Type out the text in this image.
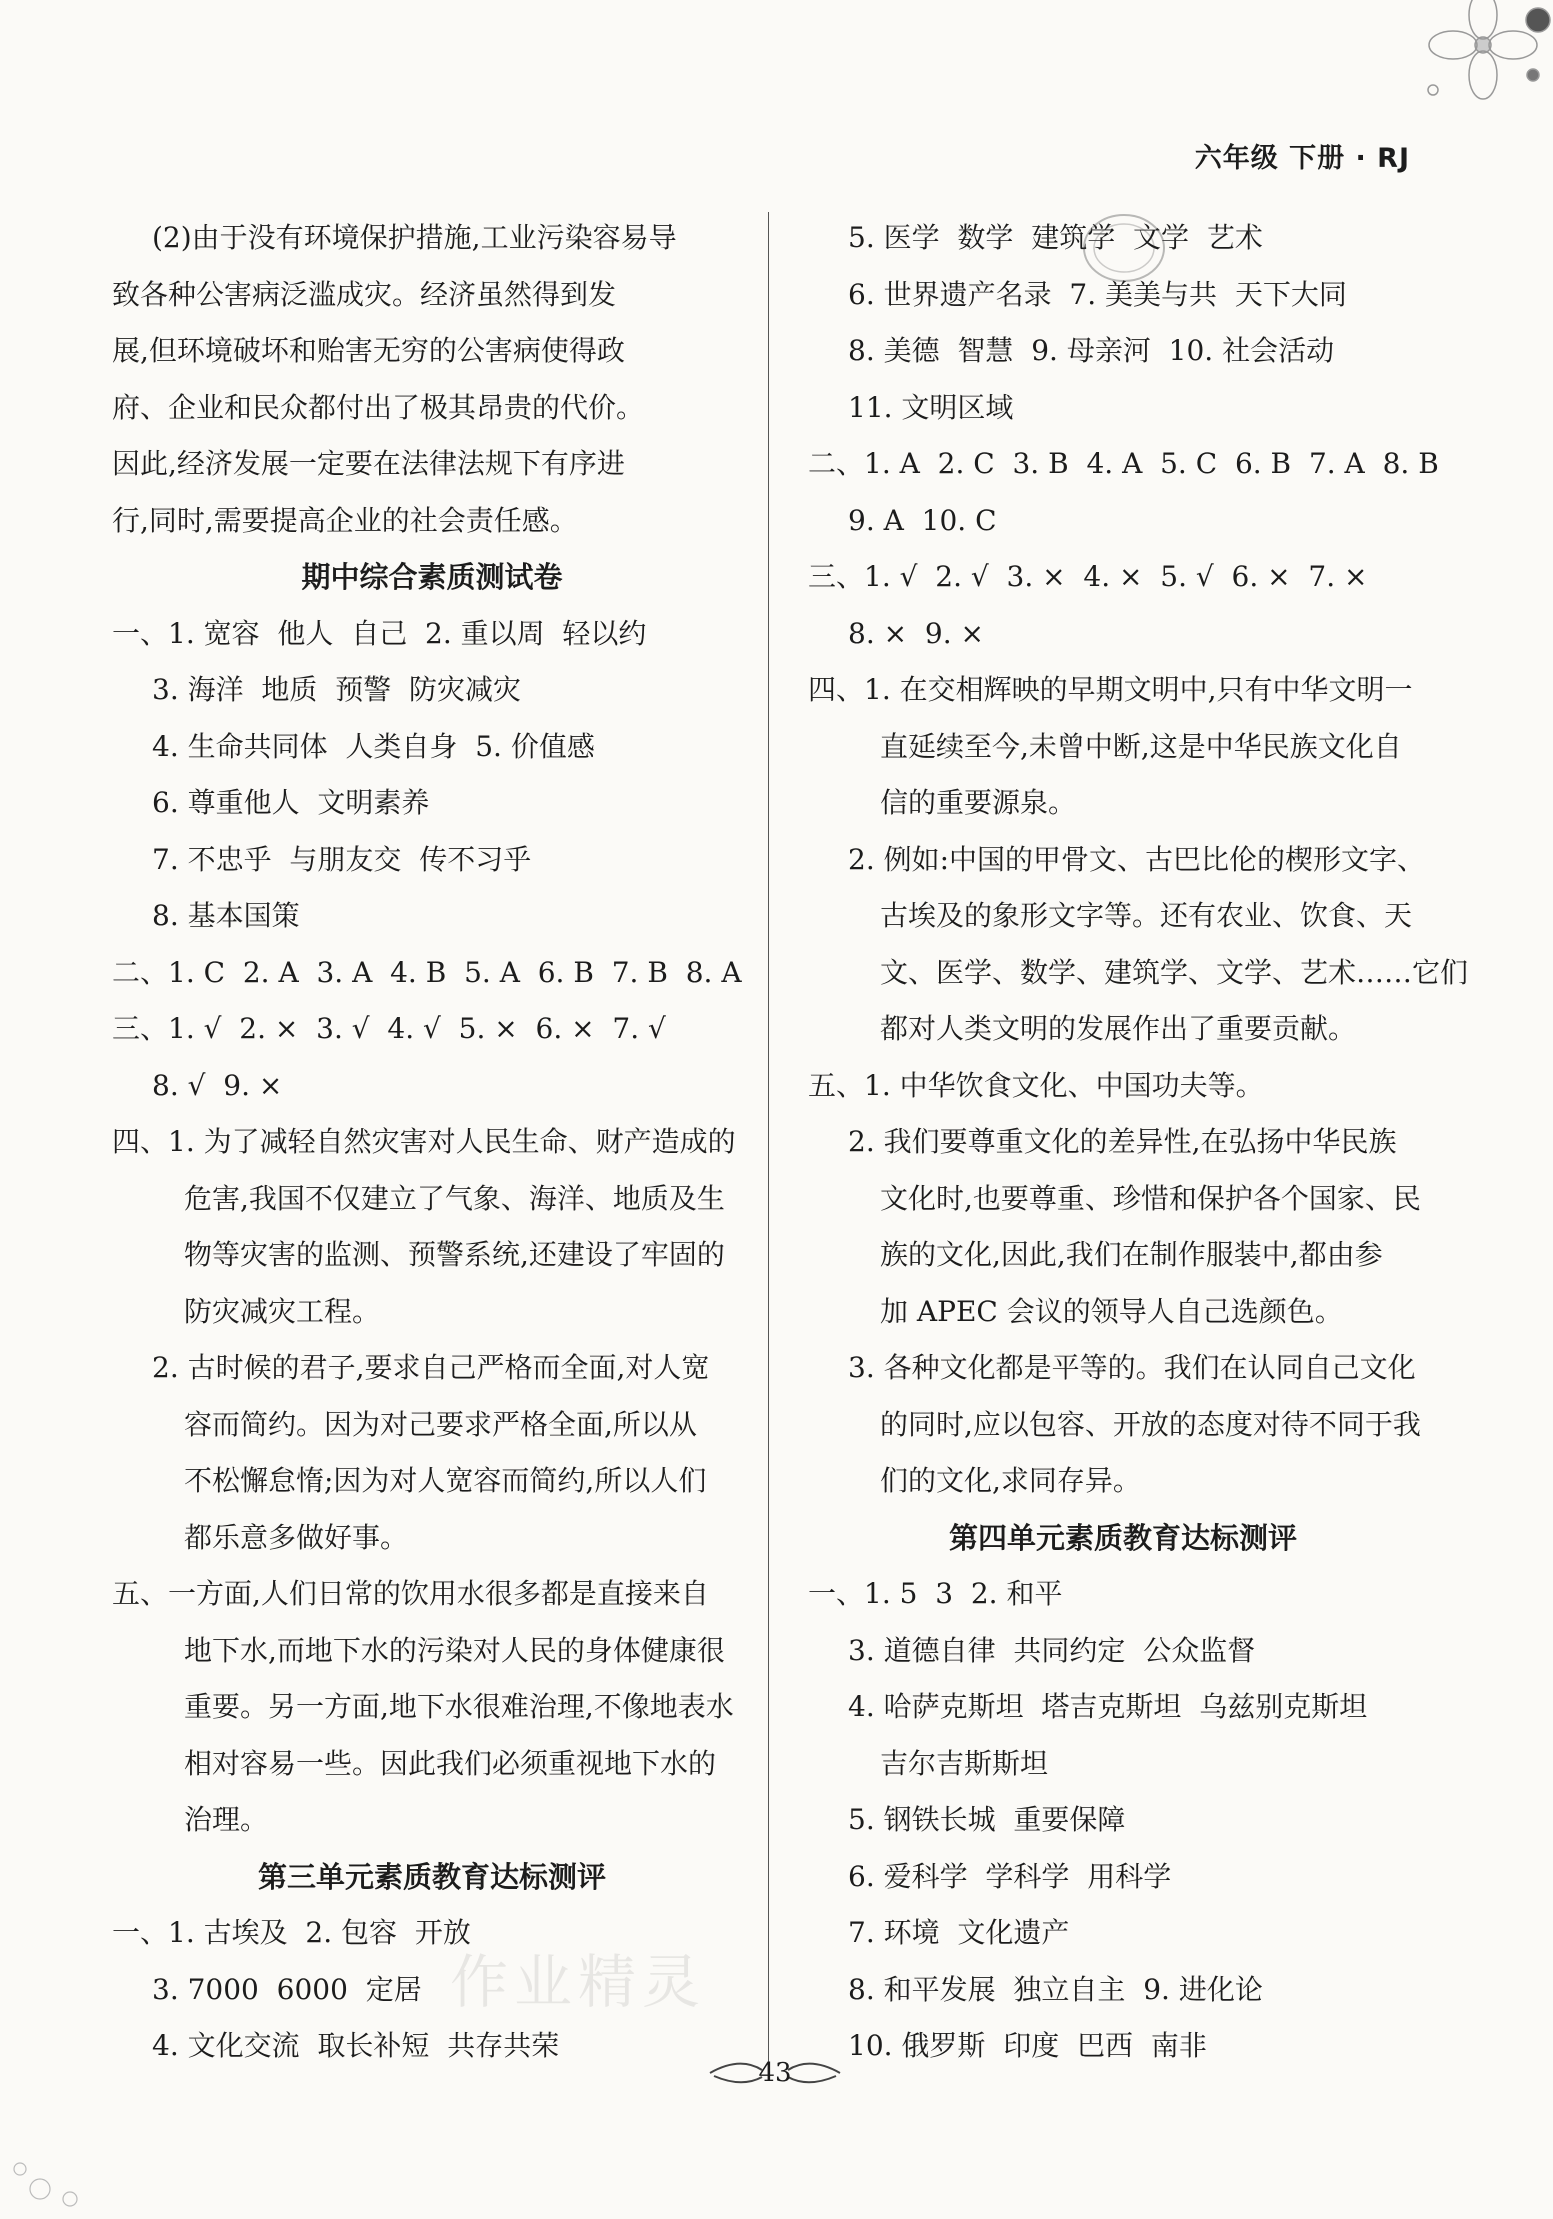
六年级 下册 · RJ
(2)由于没有环境保护措施,工业污染容易导
致各种公害病泛滥成灾。经济虽然得到发
展,但环境破坏和贻害无穷的公害病使得政
府、企业和民众都付出了极其昂贵的代价。
因此,经济发展一定要在法律法规下有序进
行,同时,需要提高企业的社会责任感。
期中综合素质测试卷
一、1. 宽容  他人  自己  2. 重以周  轻以约
3. 海洋  地质  预警  防灾减灾
4. 生命共同体  人类自身  5. 价值感
6. 尊重他人  文明素养
7. 不忠乎  与朋友交  传不习乎
8. 基本国策
二、1. C  2. A  3. A  4. B  5. A  6. B  7. B  8. A
三、1. √  2. ×  3. √  4. √  5. ×  6. ×  7. √
8. √  9. ×
四、1. 为了减轻自然灾害对人民生命、财产造成的
危害,我国不仅建立了气象、海洋、地质及生
物等灾害的监测、预警系统,还建设了牢固的
防灾减灾工程。
2. 古时候的君子,要求自己严格而全面,对人宽
容而简约。因为对己要求严格全面,所以从
不松懈怠惰;因为对人宽容而简约,所以人们
都乐意多做好事。
五、一方面,人们日常的饮用水很多都是直接来自
地下水,而地下水的污染对人民的身体健康很
重要。另一方面,地下水很难治理,不像地表水
相对容易一些。因此我们必须重视地下水的
治理。
第三单元素质教育达标测评
一、1. 古埃及  2. 包容  开放
3. 7000  6000  定居
4. 文化交流  取长补短  共存共荣
5. 医学  数学  建筑学  文学  艺术
6. 世界遗产名录  7. 美美与共  天下大同
8. 美德  智慧  9. 母亲河  10. 社会活动
11. 文明区域
二、1. A  2. C  3. B  4. A  5. C  6. B  7. A  8. B
9. A  10. C
三、1. √  2. √  3. ×  4. ×  5. √  6. ×  7. ×
8. ×  9. ×
四、1. 在交相辉映的早期文明中,只有中华文明一
直延续至今,未曾中断,这是中华民族文化自
信的重要源泉。
2. 例如:中国的甲骨文、古巴比伦的楔形文字、
古埃及的象形文字等。还有农业、饮食、天
文、医学、数学、建筑学、文学、艺术……它们
都对人类文明的发展作出了重要贡献。
五、1. 中华饮食文化、中国功夫等。
2. 我们要尊重文化的差异性,在弘扬中华民族
文化时,也要尊重、珍惜和保护各个国家、民
族的文化,因此,我们在制作服装中,都由参
加 APEC 会议的领导人自己选颜色。
3. 各种文化都是平等的。我们在认同自己文化
的同时,应以包容、开放的态度对待不同于我
们的文化,求同存异。
第四单元素质教育达标测评
一、1. 5  3  2. 和平
3. 道德自律  共同约定  公众监督
4. 哈萨克斯坦  塔吉克斯坦  乌兹别克斯坦
吉尔吉斯斯坦
5. 钢铁长城  重要保障
6. 爱科学  学科学  用科学
7. 环境  文化遗产
8. 和平发展  独立自主  9. 进化论
10. 俄罗斯  印度  巴西  南非
作业精灵
43
